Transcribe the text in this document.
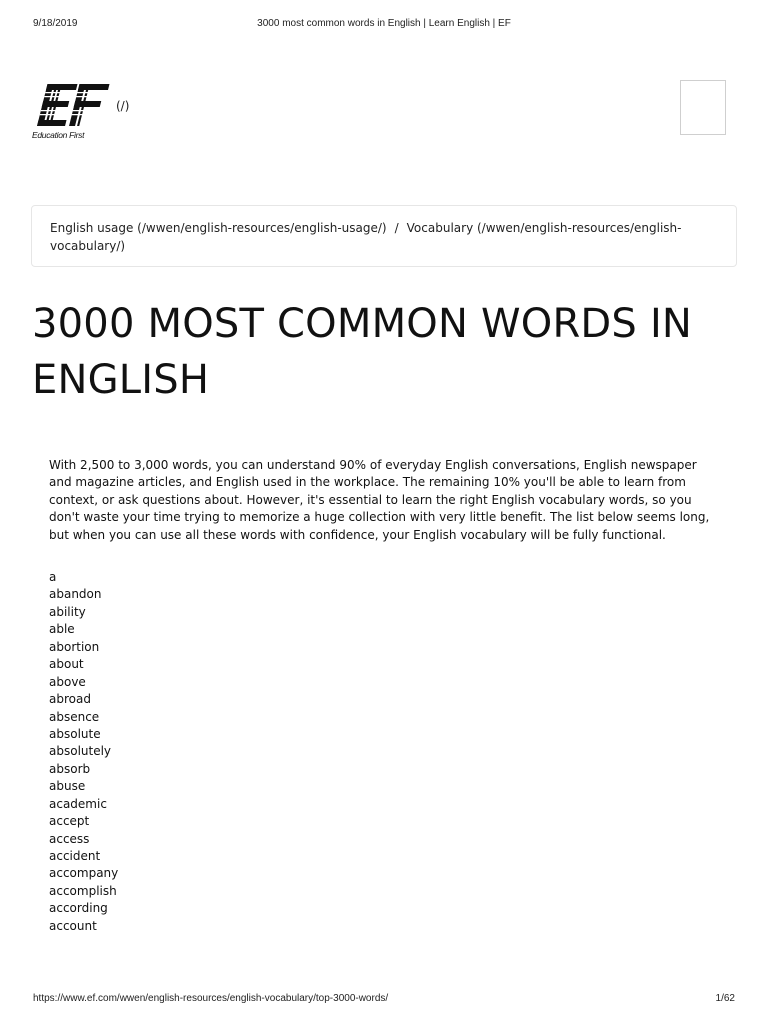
9/18/2019	3000 most common words in English | Learn English | EF
Education First
(/)
English usage (/wwen/english-resources/english-usage/) / Vocabulary (/wwen/english-resources/english-vocabulary/)
3000 MOST COMMON WORDS IN ENGLISH

With 2,500 to 3,000 words, you can understand 90% of everyday English conversations, English newspaper and magazine articles, and English used in the workplace. The remaining 10% you'll be able to learn from context, or ask questions about. However, it's essential to learn the right English vocabulary words, so you don't waste your time trying to memorize a huge collection with very little benefit. The list below seems long, but when you can use all these words with confidence, your English vocabulary will be fully functional.

a
abandon
ability
able
abortion
about
above
abroad
absence
absolute
absolutely
absorb
abuse
academic
accept
access
accident
accompany
accomplish
according
account
https://www.ef.com/wwen/english-resources/english-vocabulary/top-3000-words/	1/62
